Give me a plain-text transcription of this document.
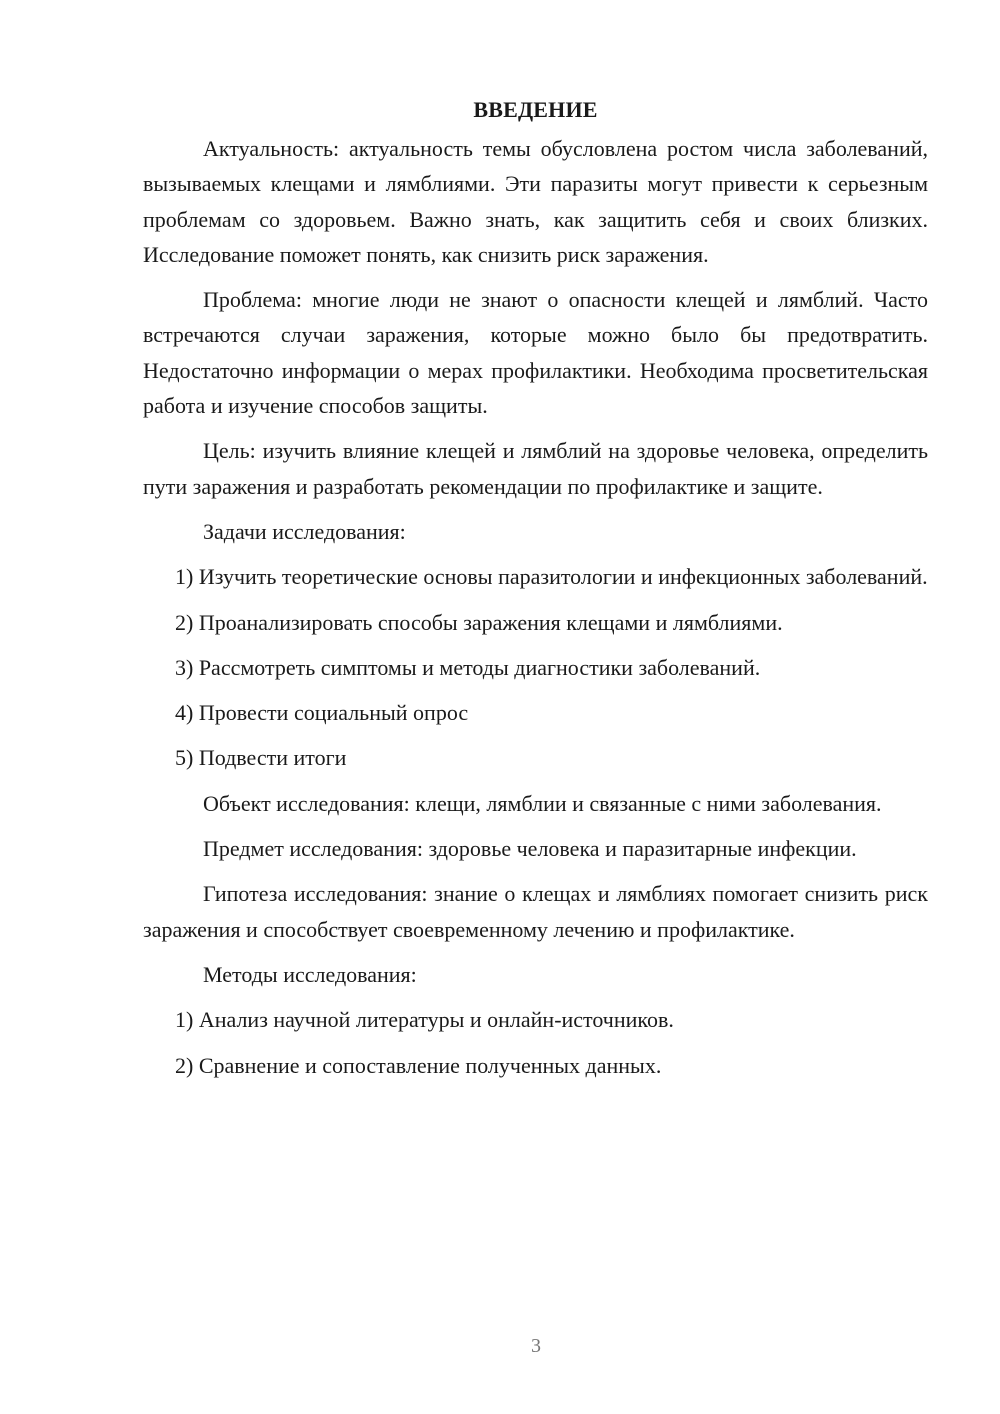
ВВЕДЕНИЕ

Актуальность: актуальность темы обусловлена ростом числа заболеваний, вызываемых клещами и лямблиями. Эти паразиты могут привести к серьезным проблемам со здоровьем. Важно знать, как защитить себя и своих близких. Исследование поможет понять, как снизить риск заражения.

Проблема: многие люди не знают о опасности клещей и лямблий. Часто встречаются случаи заражения, которые можно было бы предотвратить. Недостаточно информации о мерах профилактики. Необходима просветительская работа и изучение способов защиты.

Цель: изучить влияние клещей и лямблий на здоровье человека, определить пути заражения и разработать рекомендации по профилактике и защите.

Задачи исследования:

1) Изучить теоретические основы паразитологии и инфекционных заболеваний.

2) Проанализировать способы заражения клещами и лямблиями.

3) Рассмотреть симптомы и методы диагностики заболеваний.

4) Провести социальный опрос

5) Подвести итоги

Объект исследования: клещи, лямблии и связанные с ними заболевания.

Предмет исследования: здоровье человека и паразитарные инфекции.

Гипотеза исследования: знание о клещах и лямблиях помогает снизить риск заражения и способствует своевременному лечению и профилактике.

Методы исследования:

1) Анализ научной литературы и онлайн-источников.

2) Сравнение и сопоставление полученных данных.

3
